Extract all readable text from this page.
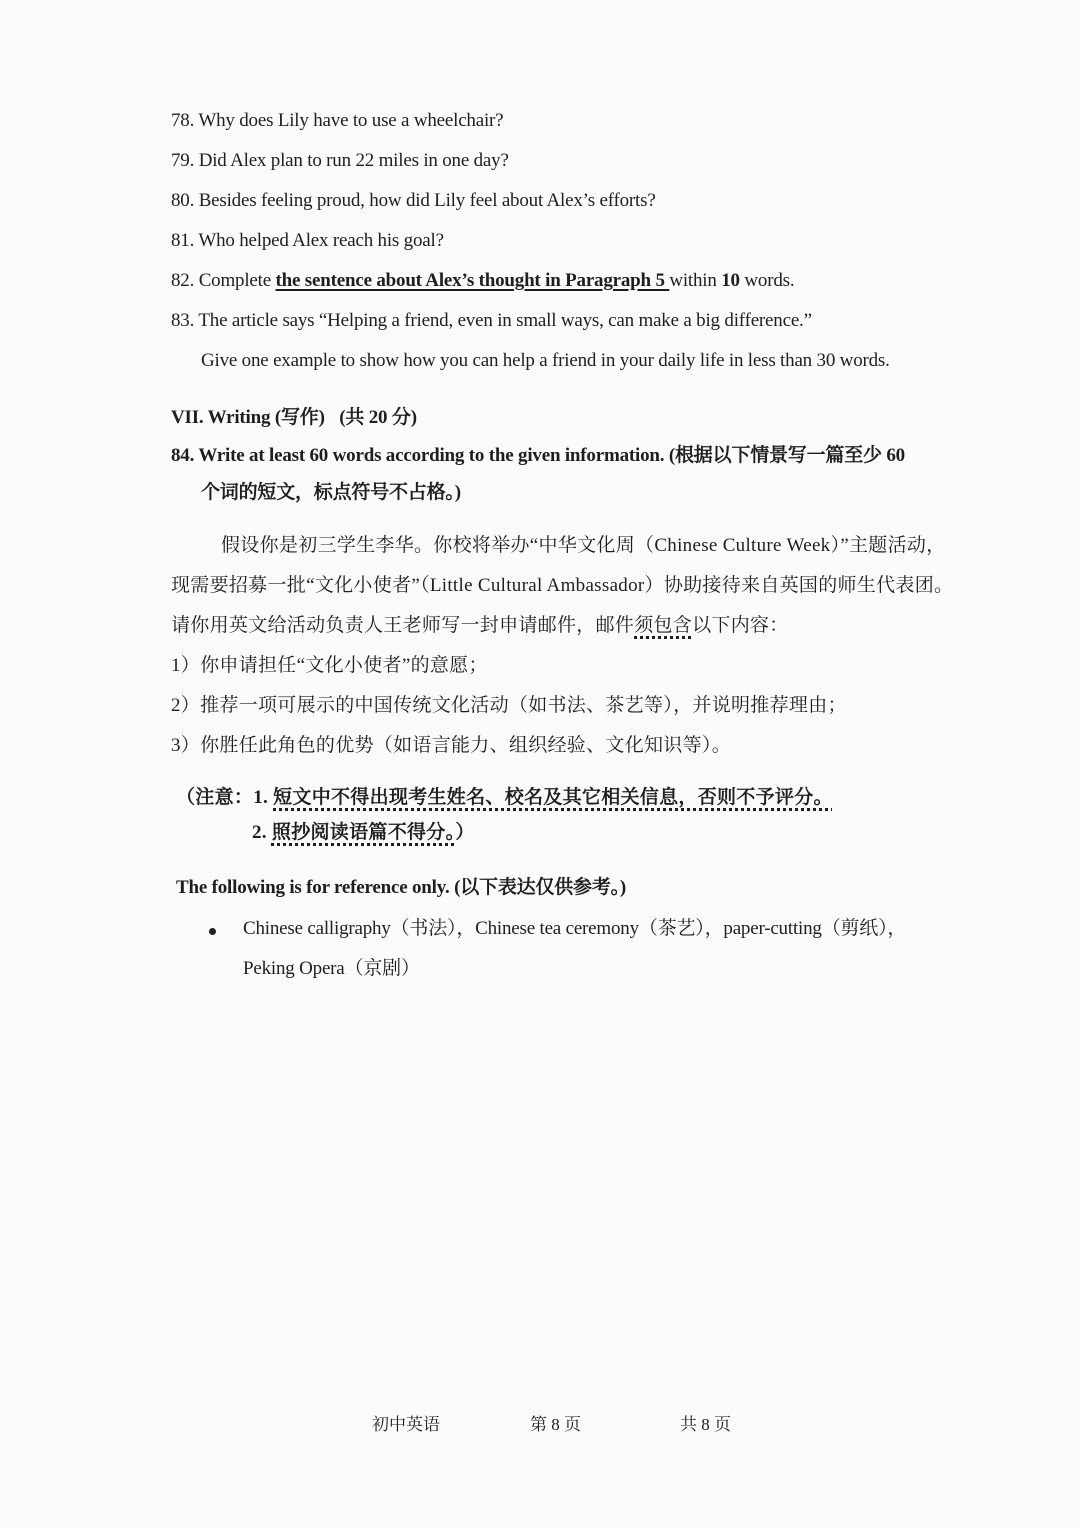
78. Why does Lily have to use a wheelchair?
79. Did Alex plan to run 22 miles in one day?
80. Besides feeling proud, how did Lily feel about Alex’s efforts?
81. Who helped Alex reach his goal?
82. Complete the sentence about Alex’s thought in Paragraph 5 within 10 words.
83. The article says “Helping a friend, even in small ways, can make a big difference.”
Give one example to show how you can help a friend in your daily life in less than 30 words.
VII. Writing (写作) (共 20 分)
84. Write at least 60 words according to the given information. (根据以下情景写一篇至少 60
个词的短文，标点符号不占格。)
假设你是初三学生李华。你校将举办“中华文化周（Chinese Culture Week）”主题活动，
现需要招募一批“文化小使者”（Little Cultural Ambassador）协助接待来自英国的师生代表团。
请你用英文给活动负责人王老师写一封申请邮件，邮件须包含以下内容：
1）你申请担任“文化小使者”的意愿；
2）推荐一项可展示的中国传统文化活动（如书法、茶艺等），并说明推荐理由；
3）你胜任此角色的优势（如语言能力、组织经验、文化知识等）。
（注意：1. 短文中不得出现考生姓名、校名及其它相关信息，否则不予评分。
2. 照抄阅读语篇不得分。）
The following is for reference only. (以下表达仅供参考。)
Chinese calligraphy（书法），Chinese tea ceremony（茶艺），paper-cutting（剪纸），
Peking Opera（京剧）
初中英语	第 8 页	共 8 页
